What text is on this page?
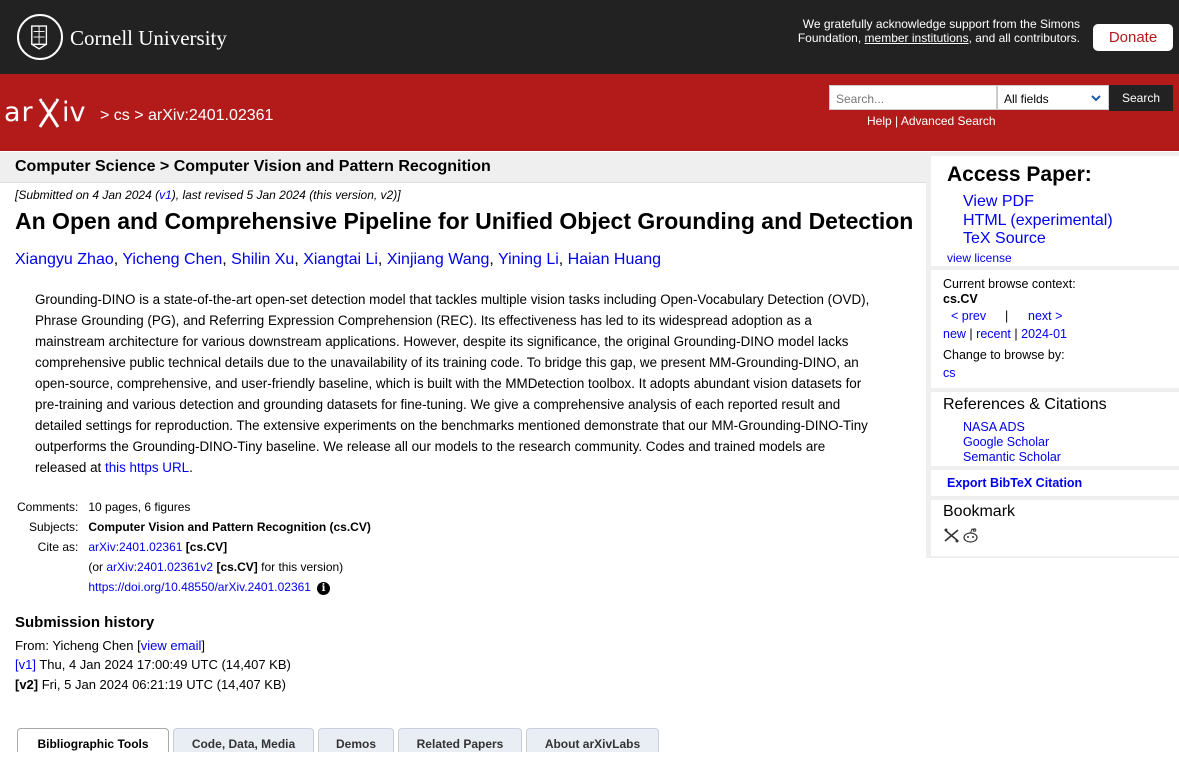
Cornell University
We gratefully acknowledge support from the Simons Foundation, member institutions, and all contributors.	Donate
ar iv > cs > arXiv:2401.02361
Search...	All fields	Search
Help | Advanced Search
Computer Science > Computer Vision and Pattern Recognition
[Submitted on 4 Jan 2024 (v1), last revised 5 Jan 2024 (this version, v2)]
An Open and Comprehensive Pipeline for Unified Object Grounding and Detection
Xiangyu Zhao, Yicheng Chen, Shilin Xu, Xiangtai Li, Xinjiang Wang, Yining Li, Haian Huang
Grounding-DINO is a state-of-the-art open-set detection model that tackles multiple vision tasks including Open-Vocabulary Detection (OVD),
Phrase Grounding (PG), and Referring Expression Comprehension (REC). Its effectiveness has led to its widespread adoption as a
mainstream architecture for various downstream applications. However, despite its significance, the original Grounding-DINO model lacks
comprehensive public technical details due to the unavailability of its training code. To bridge this gap, we present MM-Grounding-DINO, an
open-source, comprehensive, and user-friendly baseline, which is built with the MMDetection toolbox. It adopts abundant vision datasets for
pre-training and various detection and grounding datasets for fine-tuning. We give a comprehensive analysis of each reported result and
detailed settings for reproduction. The extensive experiments on the benchmarks mentioned demonstrate that our MM-Grounding-DINO-Tiny
outperforms the Grounding-DINO-Tiny baseline. We release all our models to the research community. Codes and trained models are
released at this https URL.
Comments:	10 pages, 6 figures
Subjects:	Computer Vision and Pattern Recognition (cs.CV)
Cite as:	arXiv:2401.02361 [cs.CV]
	(or arXiv:2401.02361v2 [cs.CV] for this version)
	https://doi.org/10.48550/arXiv.2401.02361 i
Submission history
From: Yicheng Chen [view email]
[v1] Thu, 4 Jan 2024 17:00:49 UTC (14,407 KB)
[v2] Fri, 5 Jan 2024 06:21:19 UTC (14,407 KB)
Bibliographic Tools	Code, Data, Media	Demos	Related Papers	About arXivLabs
Access Paper:
View PDF
HTML (experimental)
TeX Source
view license
Current browse context:
cs.CV
< prev | next >
new | recent | 2024-01
Change to browse by:
cs
References & Citations
NASA ADS
Google Scholar
Semantic Scholar
Export BibTeX Citation
Bookmark
